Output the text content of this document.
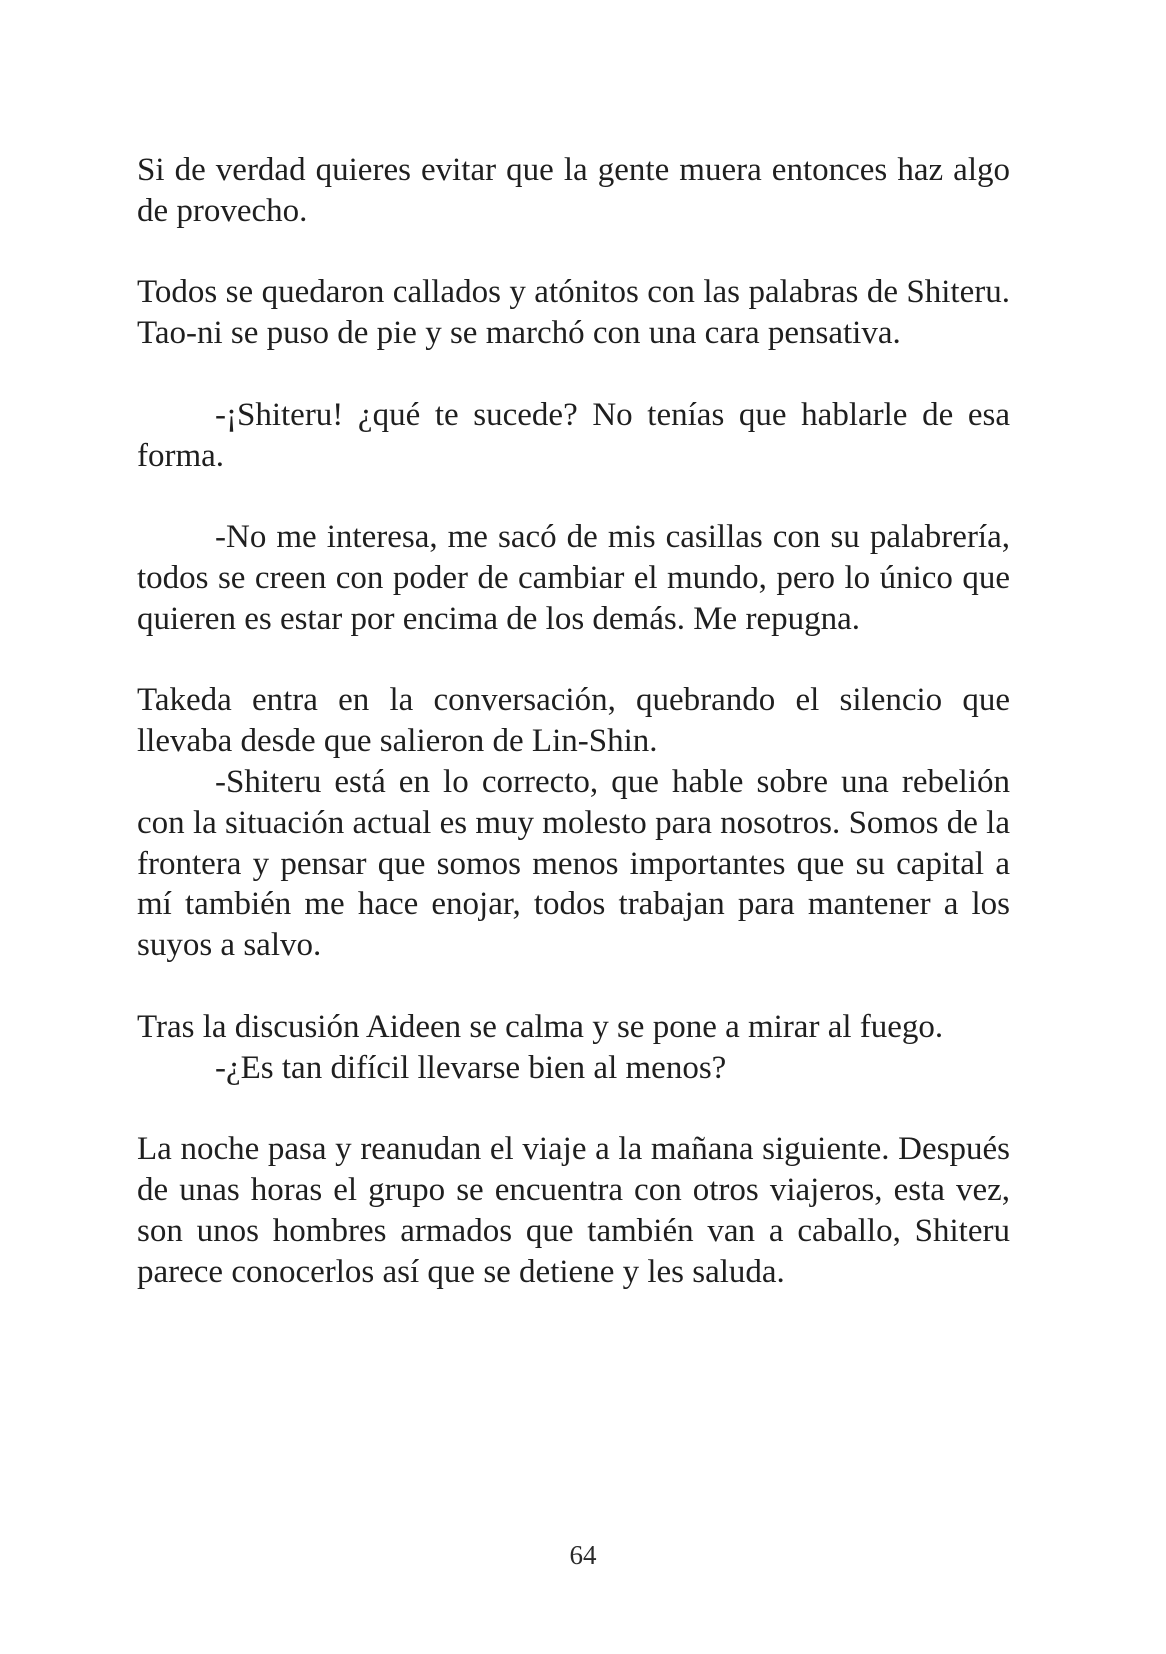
Si de verdad quieres evitar que la gente muera entonces haz algo de provecho.

Todos se quedaron callados y atónitos con las palabras de Shiteru. Tao-ni se puso de pie y se marchó con una cara pensativa.

-¡Shiteru! ¿qué te sucede? No tenías que hablarle de esa forma.

-No me interesa, me sacó de mis casillas con su palabrería, todos se creen con poder de cambiar el mundo, pero lo único que quieren es estar por encima de los demás. Me repugna.

Takeda entra en la conversación, quebrando el silencio que llevaba desde que salieron de Lin-Shin.

-Shiteru está en lo correcto, que hable sobre una rebelión con la situación actual es muy molesto para nosotros. Somos de la frontera y pensar que somos menos importantes que su capital a mí también me hace enojar, todos trabajan para mantener a los suyos a salvo.

Tras la discusión Aideen se calma y se pone a mirar al fuego.

-¿Es tan difícil llevarse bien al menos?

La noche pasa y reanudan el viaje a la mañana siguiente. Después de unas horas el grupo se encuentra con otros viajeros, esta vez, son unos hombres armados que también van a caballo, Shiteru parece conocerlos así que se detiene y les saluda.

64
